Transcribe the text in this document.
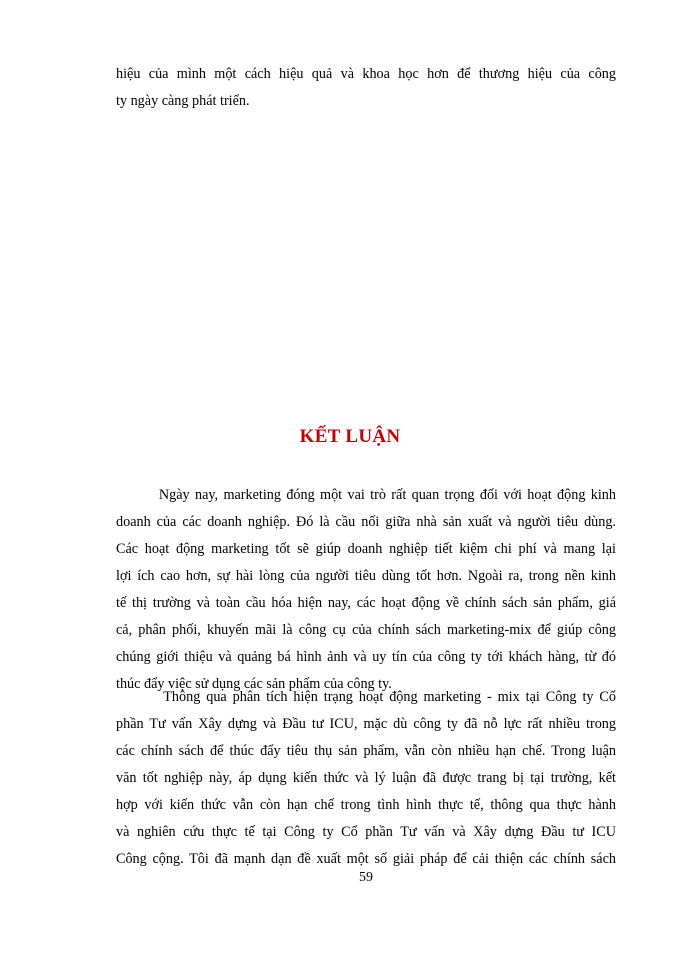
hiệu của mình một cách hiệu quả và khoa học hơn để thương hiệu của công
ty ngày càng phát triển.
KẾT LUẬN
Ngày nay, marketing đóng một vai trò rất quan trọng đối với hoạt động kinh
doanh của các doanh nghiệp. Đó là cầu nối giữa nhà sản xuất và người tiêu dùng.
Các hoạt động marketing tốt sẽ giúp doanh nghiệp tiết kiệm chi phí và mang lại
lợi ích cao hơn, sự hài lòng của người tiêu dùng tốt hơn. Ngoài ra, trong nền kinh
tế thị trường và toàn cầu hóa hiện nay, các hoạt động về chính sách sản phẩm, giá
cả, phân phối, khuyến mãi là công cụ của chính sách marketing-mix để giúp công
chúng giới thiệu và quảng bá hình ảnh và uy tín của công ty tới khách hàng, từ đó
thúc đẩy việc sử dụng các sản phẩm của công ty.
Thông qua phân tích hiện trạng hoạt động marketing - mix tại Công ty Cổ
phần Tư vấn Xây dựng và Đầu tư ICU, mặc dù công ty đã nỗ lực rất nhiều trong
các chính sách để thúc đẩy tiêu thụ sản phẩm, vẫn còn nhiều hạn chế. Trong luận
văn tốt nghiệp này, áp dụng kiến thức và lý luận đã được trang bị tại trường, kết
hợp với kiến thức vẫn còn hạn chế trong tình hình thực tế, thông qua thực hành
và nghiên cứu thực tế tại Công ty Cổ phần Tư vấn và Xây dựng Đầu tư ICU
Công cộng. Tôi đã mạnh dạn đề xuất một số giải pháp để cải thiện các chính sách
59
